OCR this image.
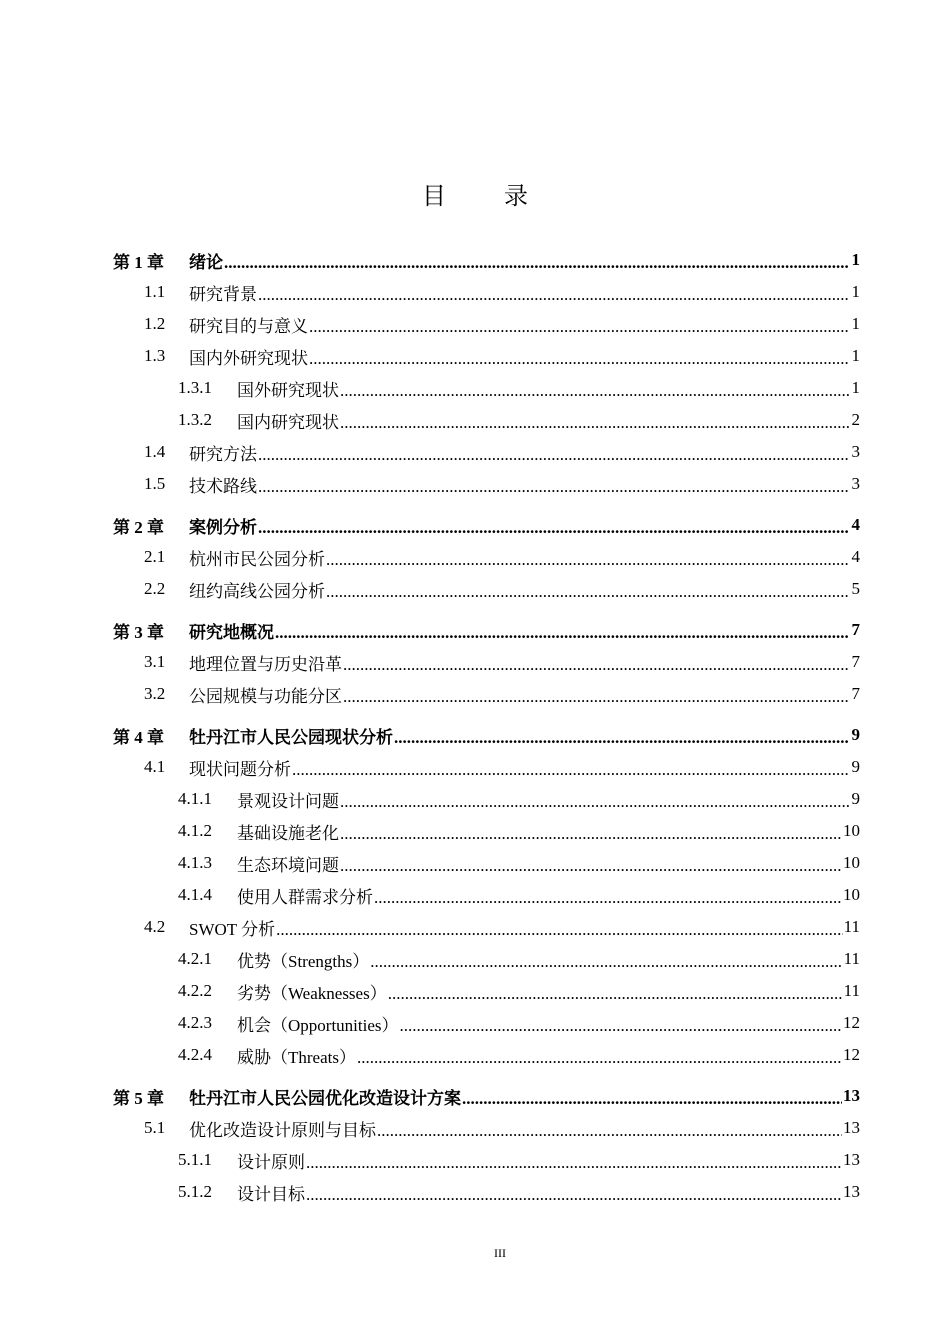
目 录
第 1 章	绪论 .....	1
1.1	研究背景 .....	1
1.2	研究目的与意义 .....	1
1.3	国内外研究现状 .....	1
1.3.1	国外研究现状 .....	1
1.3.2	国内研究现状 .....	2
1.4	研究方法 .....	3
1.5	技术路线 .....	3
第 2 章	案例分析 .....	4
2.1	杭州市民公园分析 .....	4
2.2	纽约高线公园分析 .....	5
第 3 章	研究地概况 .....	7
3.1	地理位置与历史沿革 .....	7
3.2	公园规模与功能分区 .....	7
第 4 章	牡丹江市人民公园现状分析 .....	9
4.1	现状问题分析 .....	9
4.1.1	景观设计问题 .....	9
4.1.2	基础设施老化 .....	10
4.1.3	生态环境问题 .....	10
4.1.4	使用人群需求分析 .....	10
4.2	SWOT 分析 .....	11
4.2.1	优势（Strengths） .....	11
4.2.2	劣势（Weaknesses） .....	11
4.2.3	机会（Opportunities） .....	12
4.2.4	威胁（Threats） .....	12
第 5 章	牡丹江市人民公园优化改造设计方案 .....	13
5.1	优化改造设计原则与目标 .....	13
5.1.1	设计原则 .....	13
5.1.2	设计目标 .....	13
III
